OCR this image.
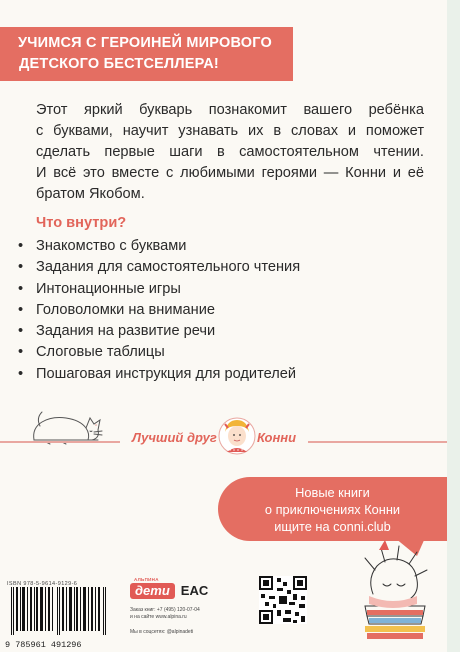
УЧИМСЯ С ГЕРОИНЕЙ МИРОВОГО
ДЕТСКОГО БЕСТСЕЛЛЕРА!

Этот яркий букварь познакомит вашего ребёнка

с буквами, научит узнавать их в словах и поможет

сделать первые шаги в самостоятельном чтении.

И всё это вместе с любимыми героями — Конни и её

братом Якобом.

Что внутри?
• Знакомство с буквами
• Задания для самостоятельного чтения
• Интонационные игры
• Головоломки на внимание
• Задания на развитие речи
• Слоговые таблицы
• Пошаговая инструкция для родителей
Лучший друг	Конни
Новые книги
о приключениях Конни
ищите на conni.club
ISBN 978-5-9614-9129-6
9 785961 491296
АЛЬПИНА
дети EAC
Заказ книг: +7 (495) 120-07-04
и на сайте www.alpina.ru
Мы в соцсетях: @alpinadeti
